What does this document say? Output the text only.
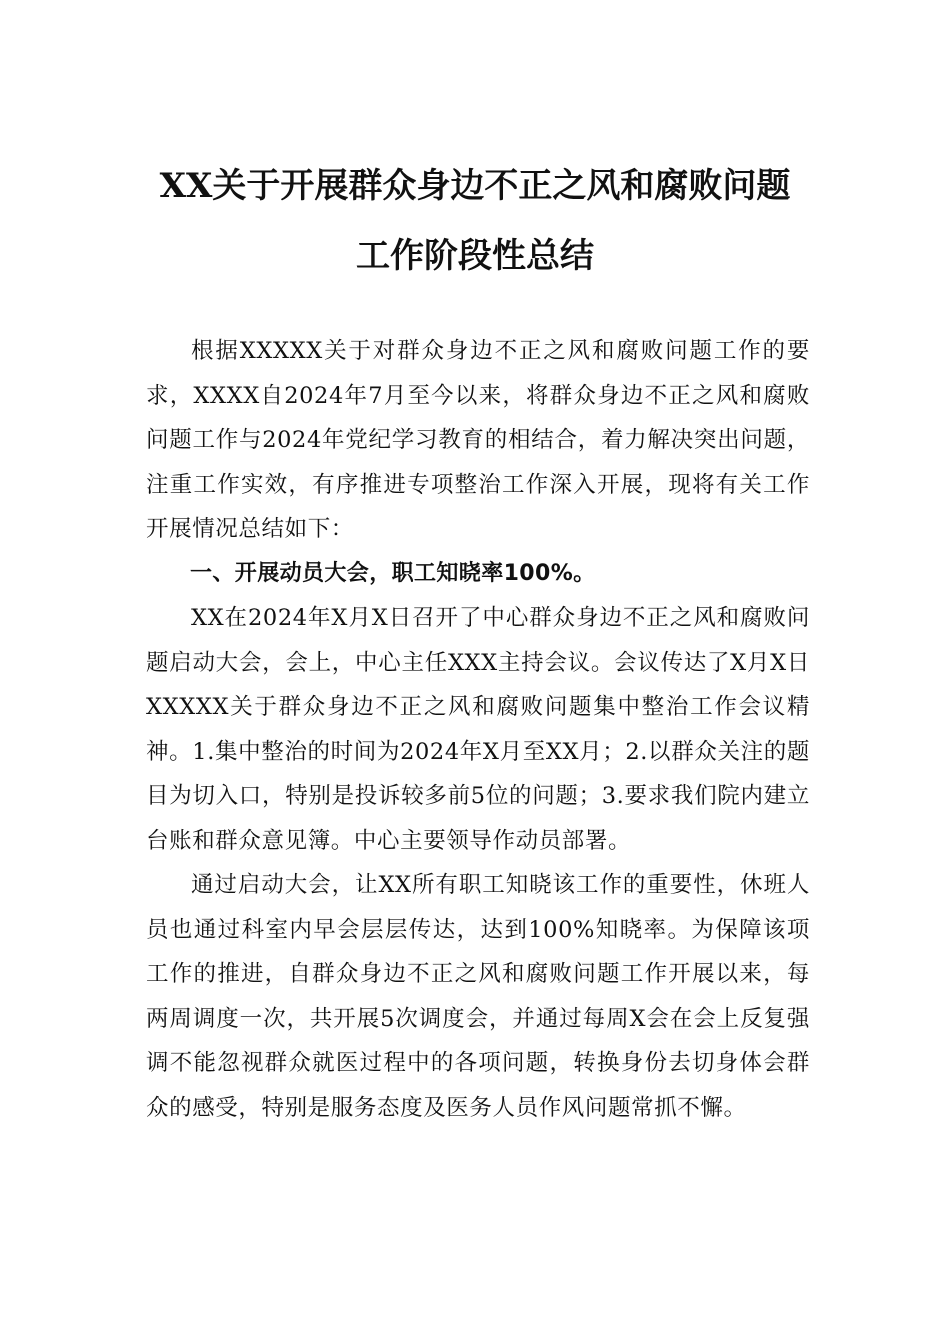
XX关于开展群众身边不正之风和腐败问题
工作阶段性总结

根据XXXXX关于对群众身边不正之风和腐败问题工作的要求，XXXX自2024年7月至今以来，将群众身边不正之风和腐败问题工作与2024年党纪学习教育的相结合，着力解决突出问题，注重工作实效，有序推进专项整治工作深入开展，现将有关工作开展情况总结如下：

一、开展动员大会，职工知晓率100%。

XX在2024年X月X日召开了中心群众身边不正之风和腐败问题启动大会，会上，中心主任XXX主持会议。会议传达了X月X日XXXXX关于群众身边不正之风和腐败问题集中整治工作会议精神。1.集中整治的时间为2024年X月至XX月；2.以群众关注的题目为切入口，特别是投诉较多前5位的问题；3.要求我们院内建立台账和群众意见簿。中心主要领导作动员部署。

通过启动大会，让XX所有职工知晓该工作的重要性，休班人员也通过科室内早会层层传达，达到100%知晓率。为保障该项工作的推进，自群众身边不正之风和腐败问题工作开展以来，每两周调度一次，共开展5次调度会，并通过每周X会在会上反复强调不能忽视群众就医过程中的各项问题，转换身份去切身体会群众的感受，特别是服务态度及医务人员作风问题常抓不懈。
